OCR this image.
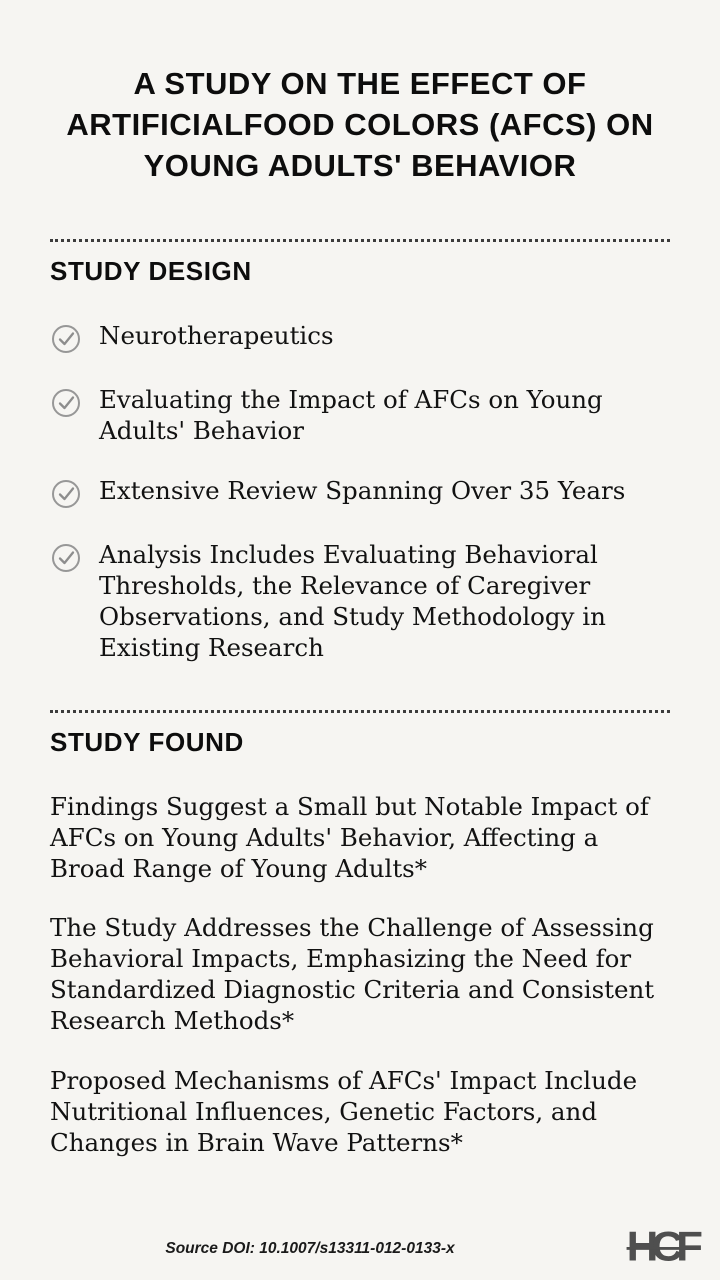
A STUDY ON THE EFFECT OF
ARTIFICIALFOOD COLORS (AFCS) ON
YOUNG ADULTS' BEHAVIOR
STUDY DESIGN
Neurotherapeutics
Evaluating the Impact of AFCs on Young Adults' Behavior
Extensive Review Spanning Over 35 Years
Analysis Includes Evaluating Behavioral Thresholds, the Relevance of Caregiver Observations, and Study Methodology in Existing Research
STUDY FOUND

Findings Suggest a Small but Notable Impact of AFCs on Young Adults' Behavior, Affecting a Broad Range of Young Adults*

The Study Addresses the Challenge of Assessing Behavioral Impacts, Emphasizing the Need for Standardized Diagnostic Criteria and Consistent Research Methods*

Proposed Mechanisms of AFCs' Impact Include Nutritional Influences, Genetic Factors, and Changes in Brain Wave Patterns*

Source DOI: 10.1007/s13311-012-0133-x	HCF
